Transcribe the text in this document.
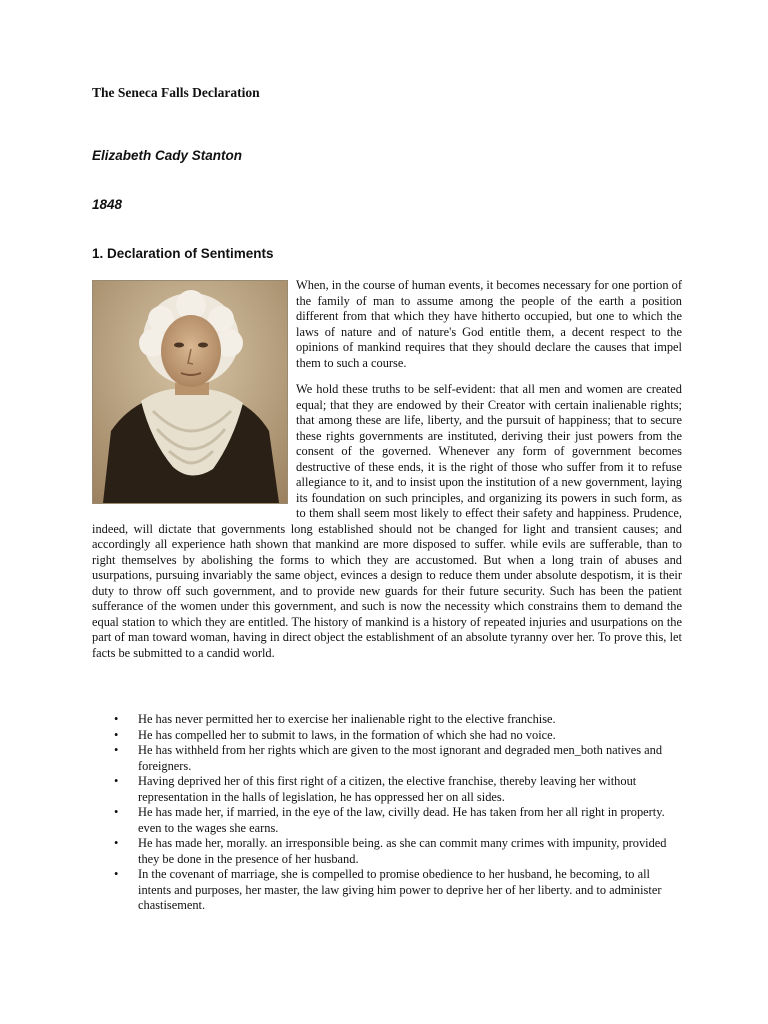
The Seneca Falls Declaration
Elizabeth Cady Stanton
1848
1. Declaration of Sentiments

When, in the course of human events, it becomes necessary for one portion of the family of man to assume among the people of the earth a position different from that which they have hitherto occupied, but one to which the laws of nature and of nature's God entitle them, a decent respect to the opinions of mankind requires that they should declare the causes that impel them to such a course.

We hold these truths to be self-evident: that all men and women are created equal; that they are endowed by their Creator with certain inalienable rights; that among these are life, liberty, and the pursuit of happiness; that to secure these rights governments are instituted, deriving their just powers from the consent of the governed. Whenever any form of government becomes destructive of these ends, it is the right of those who suffer from it to refuse allegiance to it, and to insist upon the institution of a new government, laying its foundation on such principles, and organizing its powers in such form, as to them shall seem most likely to effect their safety and happiness. Prudence, indeed, will dictate that governments long established should not be changed for light and transient causes; and accordingly all experience hath shown that mankind are more disposed to suffer. while evils are sufferable, than to right themselves by abolishing the forms to which they are accustomed. But when a long train of abuses and usurpations, pursuing invariably the same object, evinces a design to reduce them under absolute despotism, it is their duty to throw off such government, and to provide new guards for their future security. Such has been the patient sufferance of the women under this government, and such is now the necessity which constrains them to demand the equal station to which they are entitled. The history of mankind is a history of repeated injuries and usurpations on the part of man toward woman, having in direct object the establishment of an absolute tyranny over her. To prove this, let facts be submitted to a candid world.

• He has never permitted her to exercise her inalienable right to the elective franchise.
• He has compelled her to submit to laws, in the formation of which she had no voice.
• He has withheld from her rights which are given to the most ignorant and degraded men_both natives and foreigners.
• Having deprived her of this first right of a citizen, the elective franchise, thereby leaving her without representation in the halls of legislation, he has oppressed her on all sides.
• He has made her, if married, in the eye of the law, civilly dead. He has taken from her all right in property. even to the wages she earns.
• He has made her, morally. an irresponsible being. as she can commit many crimes with impunity, provided they be done in the presence of her husband.
• In the covenant of marriage, she is compelled to promise obedience to her husband, he becoming, to all intents and purposes, her master, the law giving him power to deprive her of her liberty. and to administer chastisement.
